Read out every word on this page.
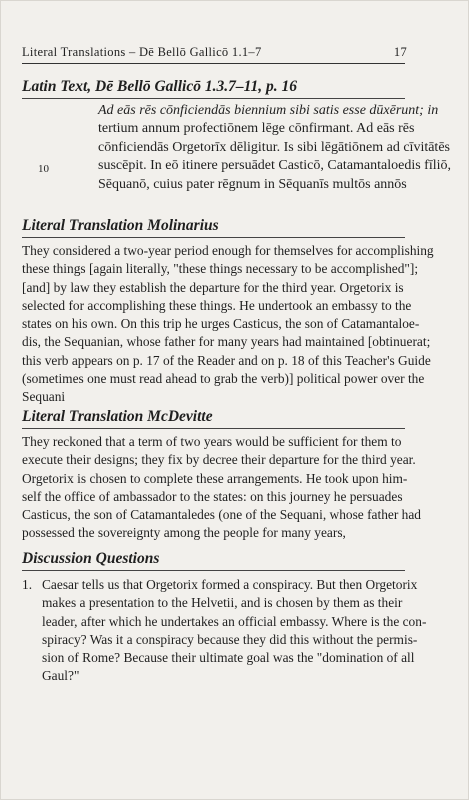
Literal Translations – Dē Bellō Gallicō 1.1–7	17
Latin Text, Dē Bellō Gallicō 1.3.7–11, p. 16
Ad eās rēs cōnficiendās biennium sibi satis esse dūxērunt; in
tertium annum profectiōnem lēge cōnfirmant. Ad eās rēs
cōnficiendās Orgetorīx dēligitur. Is sibi lēgātiōnem ad cīvitātēs
suscēpit. In eō itinere persuādet Casticō, Catamantaloedis fīliō,
Sēquanō, cuius pater rēgnum in Sēquanīs multōs annōs
10
Literal Translation Molinarius
They considered a two-year period enough for themselves for accomplishing
these things [again literally, "these things necessary to be accomplished"];
[and] by law they establish the departure for the third year. Orgetorix is
selected for accomplishing these things. He undertook an embassy to the
states on his own. On this trip he urges Casticus, the son of Catamantaloe-
dis, the Sequanian, whose father for many years had maintained [obtinuerat;
this verb appears on p. 17 of the Reader and on p. 18 of this Teacher's Guide
(sometimes one must read ahead to grab the verb)] political power over the
Sequani
Literal Translation McDevitte
They reckoned that a term of two years would be sufficient for them to
execute their designs; they fix by decree their departure for the third year.
Orgetorix is chosen to complete these arrangements. He took upon him-
self the office of ambassador to the states: on this journey he persuades
Casticus, the son of Catamantaledes (one of the Sequani, whose father had
possessed the sovereignty among the people for many years,
Discussion Questions
1. Caesar tells us that Orgetorix formed a conspiracy. But then Orgetorix
makes a presentation to the Helvetii, and is chosen by them as their
leader, after which he undertakes an official embassy. Where is the con-
spiracy? Was it a conspiracy because they did this without the permis-
sion of Rome? Because their ultimate goal was the "domination of all
Gaul?"
